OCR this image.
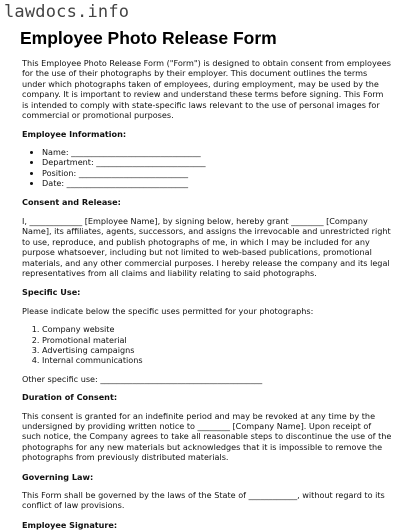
lawdocs.info
Employee Photo Release Form

This Employee Photo Release Form ("Form") is designed to obtain consent from employees for the use of their photographs by their employer. This document outlines the terms under which photographs taken of employees, during employment, may be used by the company. It is important to review and understand these terms before signing. This Form is intended to comply with state-specific laws relevant to the use of personal images for commercial or promotional purposes.

Employee Information:

• Name: ________________________________
• Department: ___________________________
• Position: ___________________________
• Date: ______________________________

Consent and Release:

I, _____________ [Employee Name], by signing below, hereby grant ________ [Company Name], its affiliates, agents, successors, and assigns the irrevocable and unrestricted right to use, reproduce, and publish photographs of me, in which I may be included for any purpose whatsoever, including but not limited to web-based publications, promotional materials, and any other commercial purposes. I hereby release the company and its legal representatives from all claims and liability relating to said photographs.

Specific Use:

Please indicate below the specific uses permitted for your photographs:

1. Company website
2. Promotional material
3. Advertising campaigns
4. Internal communications

Other specific use: ________________________________________

Duration of Consent:

This consent is granted for an indefinite period and may be revoked at any time by the undersigned by providing written notice to ________ [Company Name]. Upon receipt of such notice, the Company agrees to take all reasonable steps to discontinue the use of the photographs for any new materials but acknowledges that it is impossible to remove the photographs from previously distributed materials.

Governing Law:

This Form shall be governed by the laws of the State of ____________, without regard to its conflict of law provisions.

Employee Signature:
